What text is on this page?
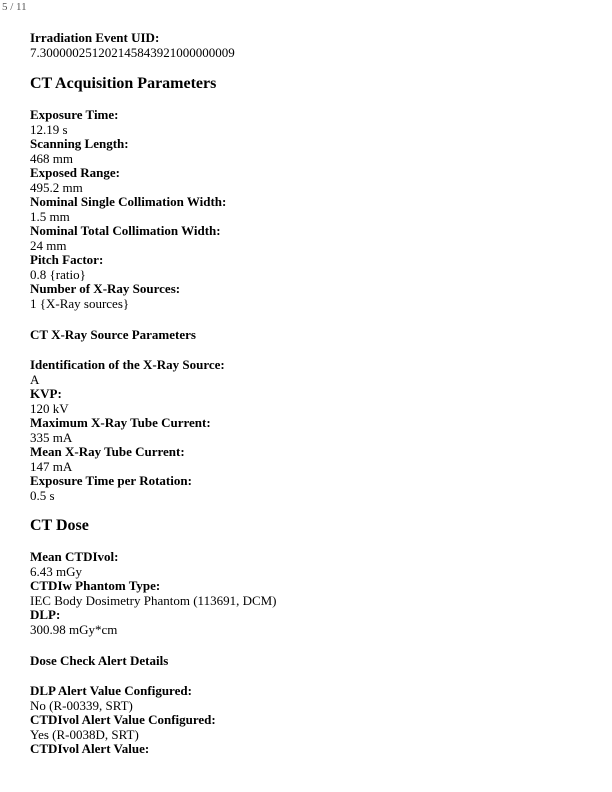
5 / 11
Irradiation Event UID:
7.300000251202145843921000000009
CT Acquisition Parameters
Exposure Time:
12.19 s
Scanning Length:
468 mm
Exposed Range:
495.2 mm
Nominal Single Collimation Width:
1.5 mm
Nominal Total Collimation Width:
24 mm
Pitch Factor:
0.8 {ratio}
Number of X-Ray Sources:
1 {X-Ray sources}
CT X-Ray Source Parameters
Identification of the X-Ray Source:
A
KVP:
120 kV
Maximum X-Ray Tube Current:
335 mA
Mean X-Ray Tube Current:
147 mA
Exposure Time per Rotation:
0.5 s
CT Dose
Mean CTDIvol:
6.43 mGy
CTDIw Phantom Type:
IEC Body Dosimetry Phantom (113691, DCM)
DLP:
300.98 mGy*cm
Dose Check Alert Details
DLP Alert Value Configured:
No (R-00339, SRT)
CTDIvol Alert Value Configured:
Yes (R-0038D, SRT)
CTDIvol Alert Value:
